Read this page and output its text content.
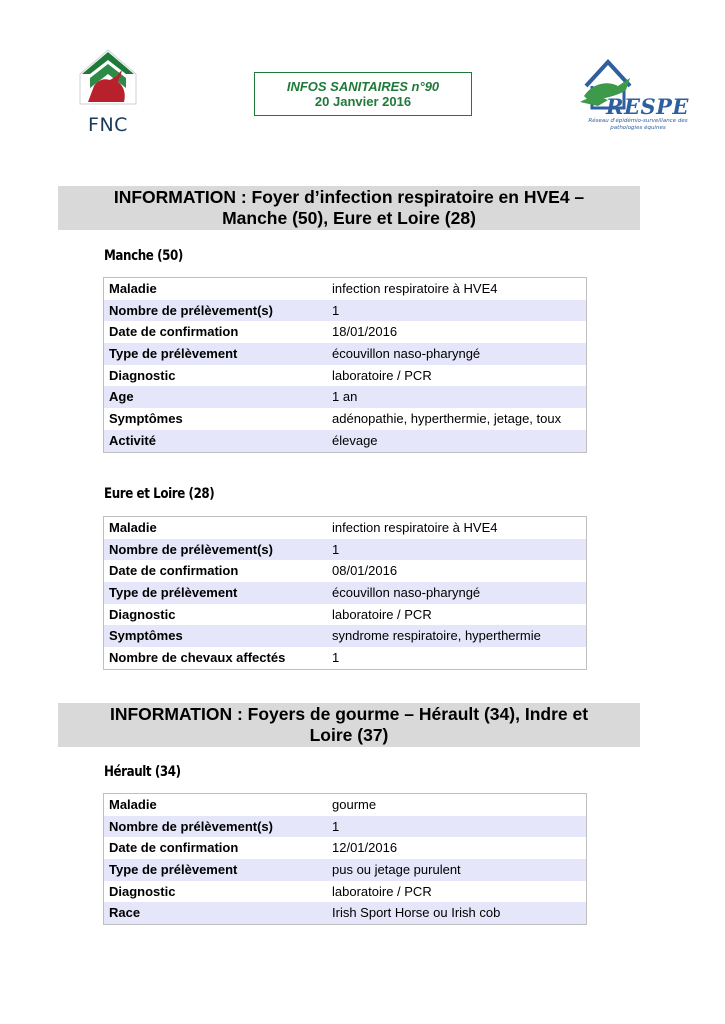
FNC
INFOS SANITAIRES n°90
20 Janvier 2016	RESPE
Réseau d'épidémio-surveillance des pathologies équines
INFORMATION : Foyer d’infection respiratoire en HVE4 –
Manche (50), Eure et Loire (28)
Manche (50)
Maladie	infection respiratoire à HVE4
Nombre de prélèvement(s)	1
Date de confirmation	18/01/2016
Type de prélèvement	écouvillon naso-pharyngé
Diagnostic	laboratoire / PCR
Age	1 an
Symptômes	adénopathie, hyperthermie, jetage, toux
Activité	élevage
Eure et Loire (28)
Maladie	infection respiratoire à HVE4
Nombre de prélèvement(s)	1
Date de confirmation	08/01/2016
Type de prélèvement	écouvillon naso-pharyngé
Diagnostic	laboratoire / PCR
Symptômes	syndrome respiratoire, hyperthermie
Nombre de chevaux affectés	1
INFORMATION : Foyers de gourme – Hérault (34), Indre et
Loire (37)
Hérault (34)
Maladie	gourme
Nombre de prélèvement(s)	1
Date de confirmation	12/01/2016
Type de prélèvement	pus ou jetage purulent
Diagnostic	laboratoire / PCR
Race	Irish Sport Horse ou Irish cob
